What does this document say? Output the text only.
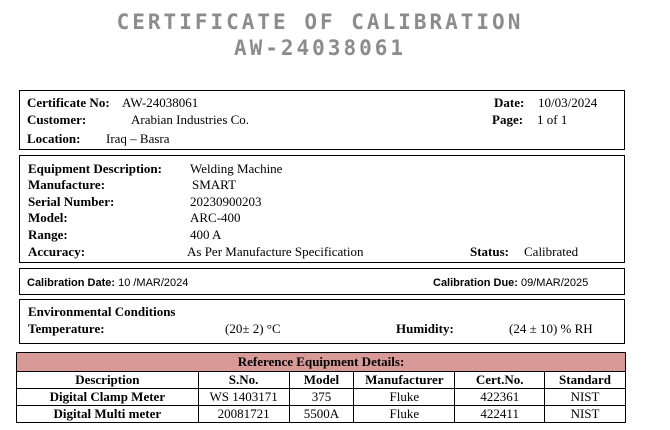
CERTIFICATE OF CALIBRATION
AW-24038061
Certificate No: AW-24038061
Customer:	Arabian Industries Co.
Location: Iraq – Basra
Date: 10/03/2024
Page: 1 of 1
Equipment Description: Welding Machine
Manufacture:	SMART
Serial Number:	20230900203
Model:	ARC-400
Range:	400 A
Accuracy:	As Per Manufacture Specification	Status: Calibrated
Calibration Date: 10 /MAR/2024	Calibration Due: 09/MAR/2025
Environmental Conditions
Temperature:	(20± 2) °C	Humidity:	(24 ± 10) % RH
Reference Equipment Details:					
Description	S.No.	Model	Manufacturer	Cert.No.	Standard
Digital Clamp Meter	WS 1403171	375	Fluke	422361	NIST
Digital Multi meter	20081721	5500A	Fluke	422411	NIST
